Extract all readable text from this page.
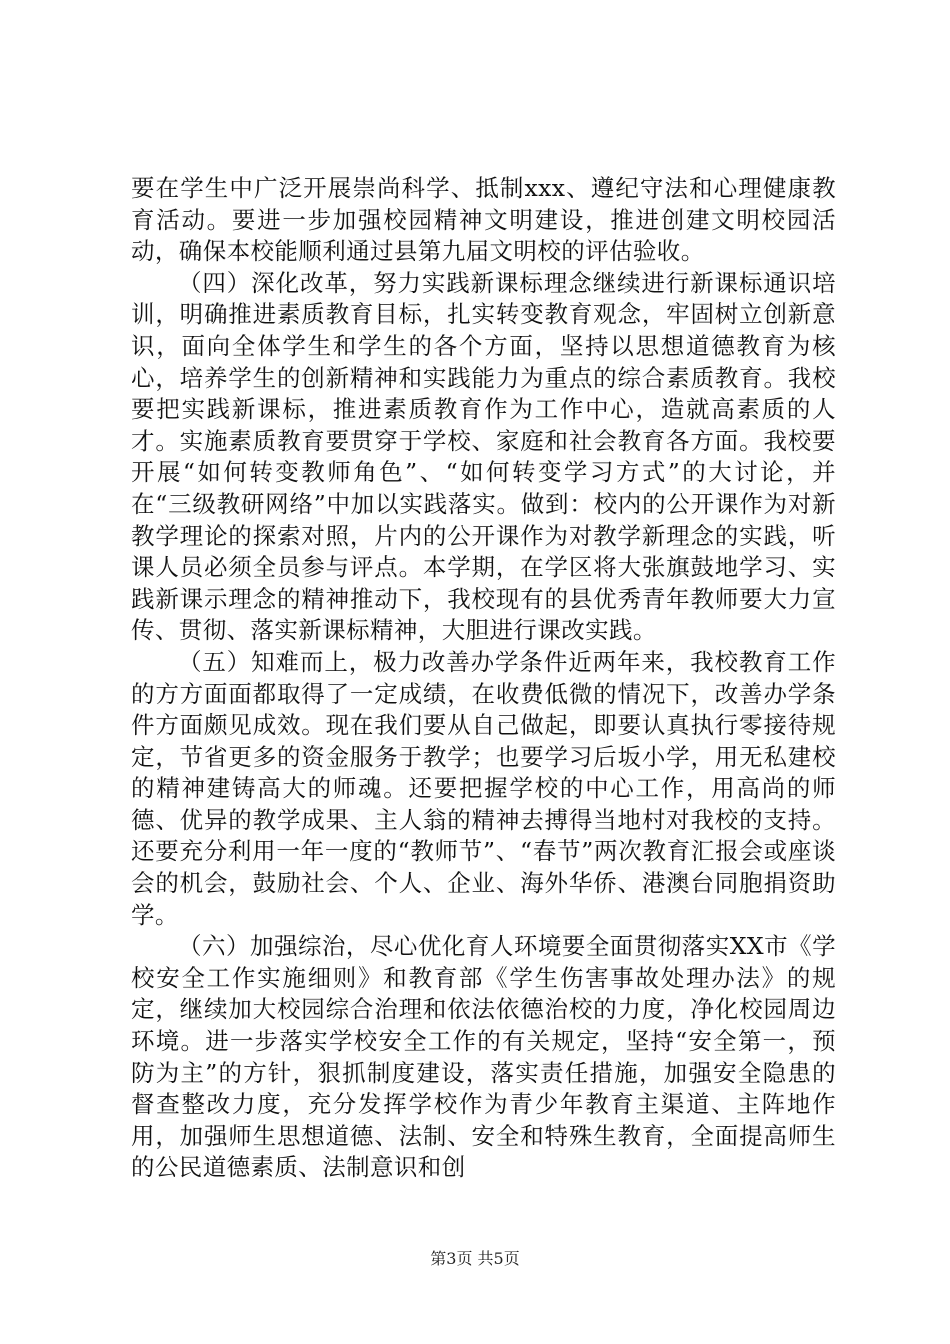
要在学生中广泛开展崇尚科学、抵制xxx、遵纪守法和心理健康教育活动。要进一步加强校园精神文明建设，推进创建文明校园活动，确保本校能顺利通过县第九届文明校的评估验收。

（四）深化改革，努力实践新课标理念继续进行新课标通识培训，明确推进素质教育目标，扎实转变教育观念，牢固树立创新意识，面向全体学生和学生的各个方面，坚持以思想道德教育为核心，培养学生的创新精神和实践能力为重点的综合素质教育。我校要把实践新课标，推进素质教育作为工作中心，造就高素质的人才。实施素质教育要贯穿于学校、家庭和社会教育各方面。我校要开展“如何转变教师角色”、“如何转变学习方式”的大讨论，并在“三级教研网络”中加以实践落实。做到：校内的公开课作为对新教学理论的探索对照，片内的公开课作为对教学新理念的实践，听课人员必须全员参与评点。本学期，在学区将大张旗鼓地学习、实践新课示理念的精神推动下，我校现有的县优秀青年教师要大力宣传、贯彻、落实新课标精神，大胆进行课改实践。

（五）知难而上，极力改善办学条件近两年来，我校教育工作的方方面面都取得了一定成绩，在收费低微的情况下，改善办学条件方面颇见成效。现在我们要从自己做起，即要认真执行零接待规定，节省更多的资金服务于教学；也要学习后坂小学，用无私建校的精神建铸高大的师魂。还要把握学校的中心工作，用高尚的师德、优异的教学成果、主人翁的精神去搏得当地村对我校的支持。还要充分利用一年一度的“教师节”、“春节”两次教育汇报会或座谈会的机会，鼓励社会、个人、企业、海外华侨、港澳台同胞捐资助学。

（六）加强综治，尽心优化育人环境要全面贯彻落实XX市《学校安全工作实施细则》和教育部《学生伤害事故处理办法》的规定，继续加大校园综合治理和依法依德治校的力度，净化校园周边环境。进一步落实学校安全工作的有关规定，坚持“安全第一，预防为主”的方针，狠抓制度建设，落实责任措施，加强安全隐患的督查整改力度，充分发挥学校作为青少年教育主渠道、主阵地作用，加强师生思想道德、法制、安全和特殊生教育，全面提高师生的公民道德素质、法制意识和创

第3页 共5页
